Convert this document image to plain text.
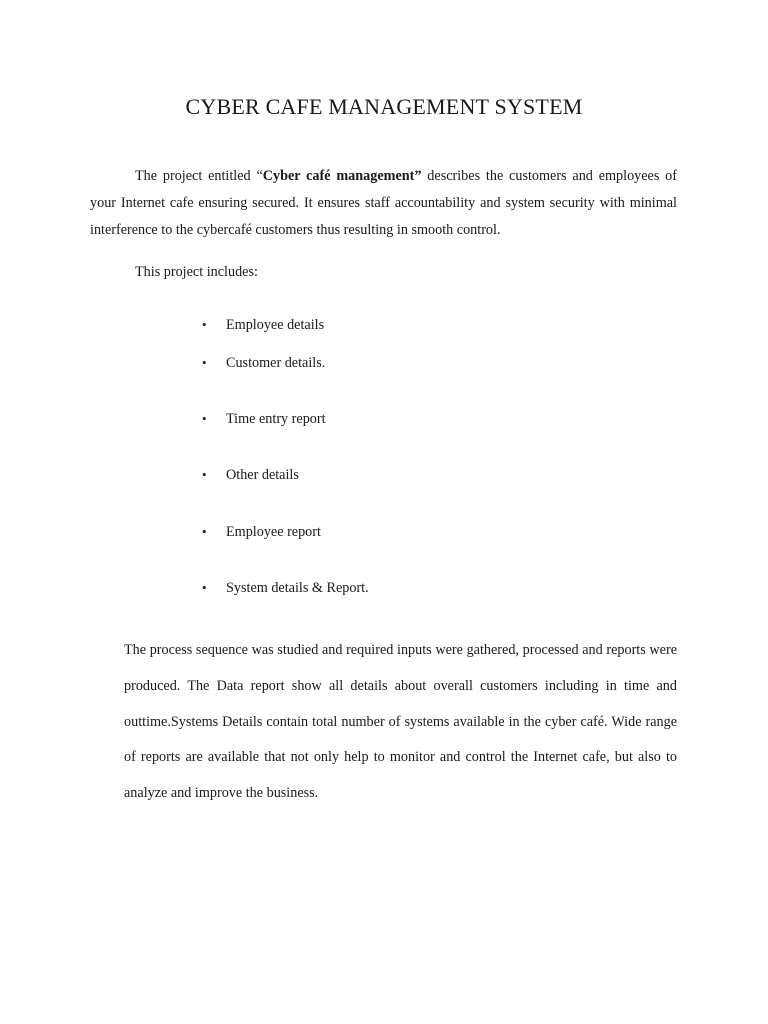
CYBER CAFE MANAGEMENT SYSTEM

The project entitled “Cyber café management” describes the customers and employees of your Internet cafe ensuring secured. It ensures staff accountability and system security with minimal interference to the cybercafé customers thus resulting in smooth control.

This project includes:

• Employee details
• Customer details.
• Time entry report
• Other details
• Employee report
• System details & Report.

The process sequence was studied and required inputs were gathered, processed and reports were produced. The Data report show all details about overall customers including in time and outtime.Systems Details contain total number of systems available in the cyber café. Wide range of reports are available that not only help to monitor and control the Internet cafe, but also to analyze and improve the business.
